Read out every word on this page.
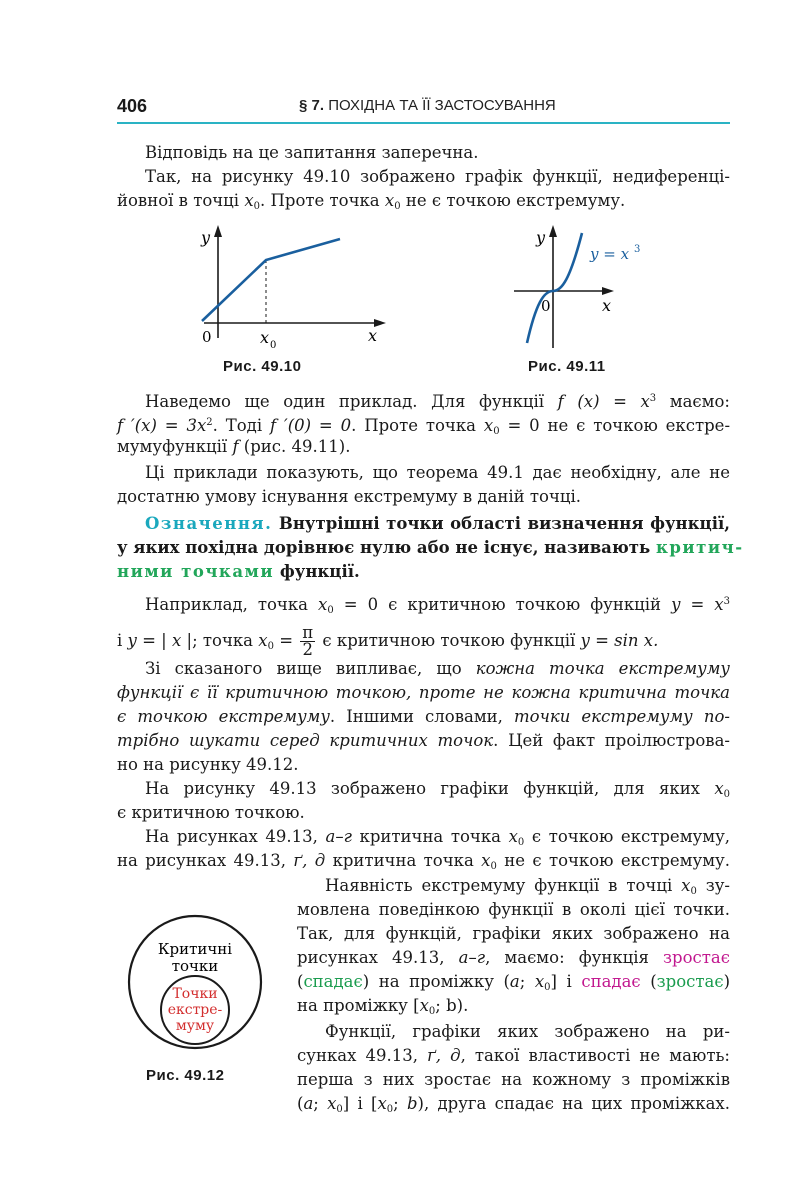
406	§ 7. ПОХІДНА ТА ЇЇ ЗАСТОСУВАННЯ
Відповідь на це запитання заперечна.
Так, на рисунку 49.10 зображено графік функції, недиференці-
йовної в точці $x_0$. Проте точка $x_0$ не є точкою екстремуму.
y
x
0	x 0
Рис. 49.10
y
x
0
y = x 3
Рис. 49.11
Наведемо ще один приклад. Для функції f $(x) = x^3$ маємо:
f $'(x) = 3x^2$. Тоді f ′(0) = 0. Проте точка $x_0 = 0$ не є точкою екстре-
мумуфункції f (рис. 49.11).
Ці приклади показують, що теорема 49.1 дає необхідну, але не
достатню умову існування екстремуму в даній точці.
Означення. Внутрішні точки області визначення функції,
у яких похідна дорівнює нулю або не існує, називають критич-
ними точками функції.
Наприклад, точка $x_0 = 0$ є критичною точкою функцій $y = x^3$
і y = | x |; точка $x_0 = \frac{\pi}{2}$ є критичною точкою функції y = sin x.
Зі сказаного вище випливає, що кожна точка екстремуму
функції є її критичною точкою, проте не кожна критична точка
є точкою екстремуму. Іншими словами, точки екстремуму по-
трібно шукати серед критичних точок. Цей факт проілюстрова-
но на рисунку 49.12.
На рисунку 49.13 зображено графіки функцій, для яких $x_0$
є критичною точкою.
На рисунках 49.13, а–г критична точка $x_0$ є точкою екстремуму,
на рисунках 49.13, ґ, д критична точка $x_0$ не є точкою екстремуму.
Наявність екстремуму функції в точці $x_0$ зу-
мовлена поведінкою функції в околі цієї точки.
Так, для функцій, графіки яких зображено на
рисунках 49.13, а–г, маємо: функція зростає
(спадає) на проміжку (a; $x_0$] і спадає (зростає)
на проміжку [$x_0$; b).
Функції, графіки яких зображено на ри-
сунках 49.13, ґ, д, такої властивості не мають:
перша з них зростає на кожному з проміжків
(a; $x_0$] і [$x_0$; b), друга спадає на цих проміжках.
Критичні
точки
Точки
екстре-
муму
Рис. 49.12
